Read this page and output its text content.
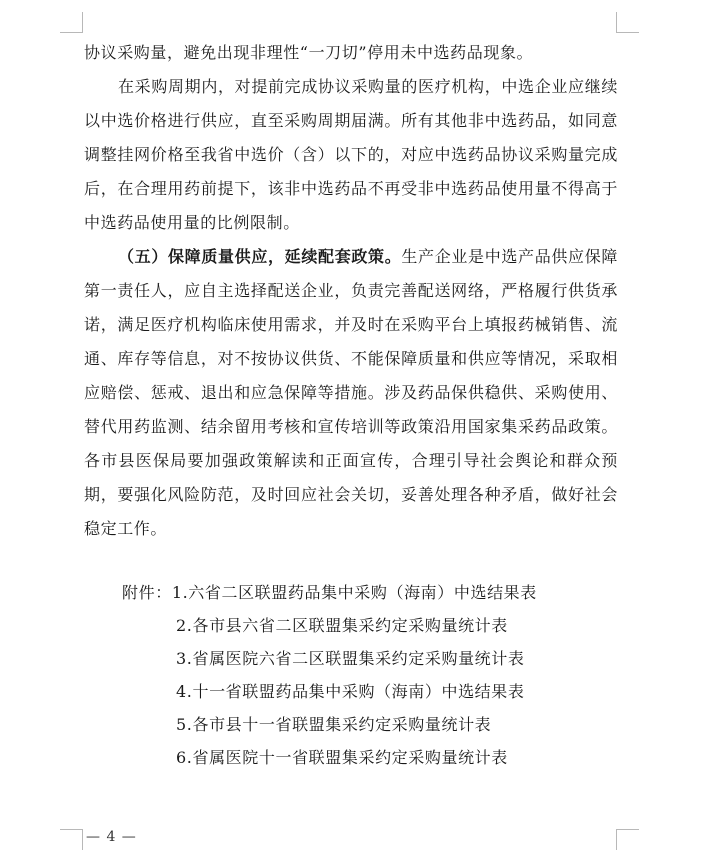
协议采购量，避免出现非理性“一刀切”停用未中选药品现象。

在采购周期内，对提前完成协议采购量的医疗机构，中选企业应继续以中选价格进行供应，直至采购周期届满。所有其他非中选药品，如同意调整挂网价格至我省中选价（含）以下的，对应中选药品协议采购量完成后，在合理用药前提下，该非中选药品不再受非中选药品使用量不得高于中选药品使用量的比例限制。

（五）保障质量供应，延续配套政策。生产企业是中选产品供应保障第一责任人，应自主选择配送企业，负责完善配送网络，严格履行供货承诺，满足医疗机构临床使用需求，并及时在采购平台上填报药械销售、流通、库存等信息，对不按协议供货、不能保障质量和供应等情况，采取相应赔偿、惩戒、退出和应急保障等措施。涉及药品保供稳供、采购使用、替代用药监测、结余留用考核和宣传培训等政策沿用国家集采药品政策。各市县医保局要加强政策解读和正面宣传，合理引导社会舆论和群众预期，要强化风险防范，及时回应社会关切，妥善处理各种矛盾，做好社会稳定工作。

附件：1.六省二区联盟药品集中采购（海南）中选结果表
2.各市县六省二区联盟集采约定采购量统计表
3.省属医院六省二区联盟集采约定采购量统计表
4.十一省联盟药品集中采购（海南）中选结果表
5.各市县十一省联盟集采约定采购量统计表
6.省属医院十一省联盟集采约定采购量统计表
— 4 —
